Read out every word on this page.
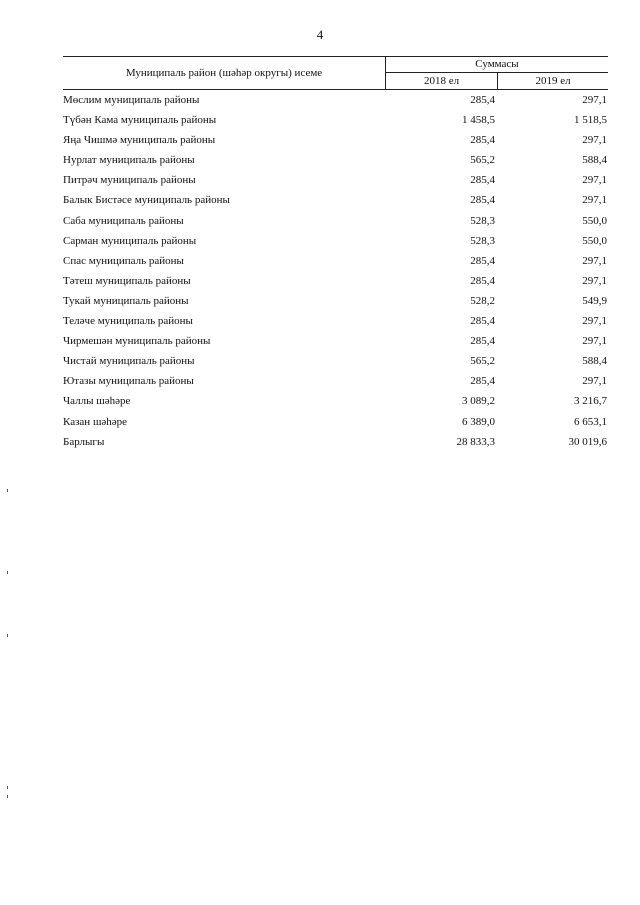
4
Муниципаль район (шәһәр округы) исеме
Суммасы
2018 ел	2019 ел
Мөслим муниципаль районы	285,4	297,1
Түбән Кама муниципаль районы	1 458,5	1 518,5
Яңа Чишмә муниципаль районы	285,4	297,1
Нурлат муниципаль районы	565,2	588,4
Питрәч муниципаль районы	285,4	297,1
Балык Бистәсе муниципаль районы	285,4	297,1
Саба муниципаль районы	528,3	550,0
Сарман муниципаль районы	528,3	550,0
Спас муниципаль районы	285,4	297,1
Тәтеш муниципаль районы	285,4	297,1
Тукай муниципаль районы	528,2	549,9
Теләче муниципаль районы	285,4	297,1
Чирмешән муниципаль районы	285,4	297,1
Чистай муниципаль районы	565,2	588,4
Ютазы муниципаль районы	285,4	297,1
Чаллы шәһәре	3 089,2	3 216,7
Казан шәһәре	6 389,0	6 653,1
Барлыгы	28 833,3	30 019,6
